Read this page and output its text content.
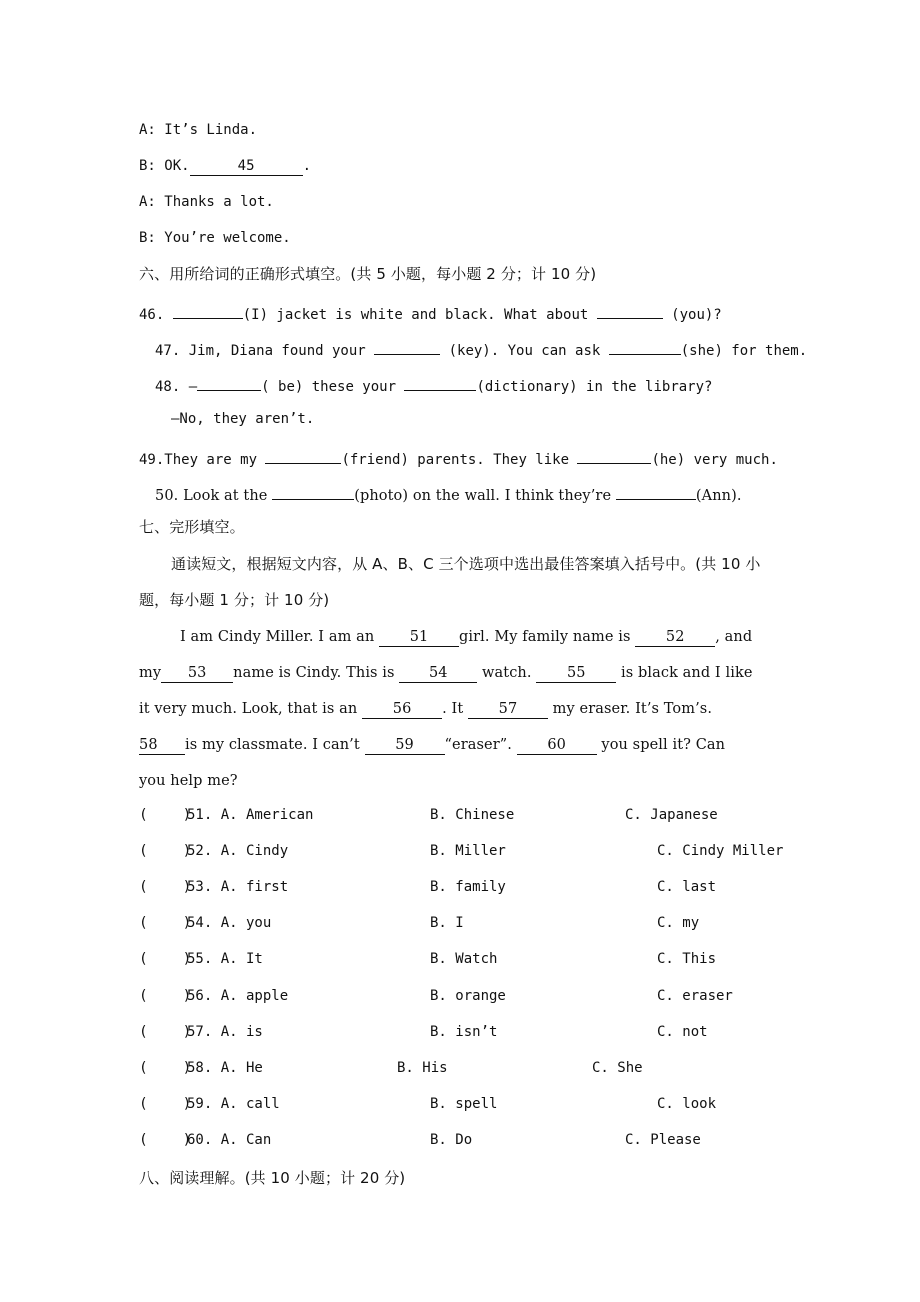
A: It’s Linda.
B: OK.	45	.
A: Thanks a lot.
B: You’re welcome.
六、用所给词的正确形式填空。(共 5 小题，每小题 2 分；计 10 分)
46.	(I) jacket is white and black. What about	(you)?
47. Jim, Diana found your	(key). You can ask	(she) for them.
48. —	( be) these your	(dictionary) in the library?
—No, they aren’t.
49.They are my	(friend) parents. They like	(he) very much.
50. Look at the	(photo) on the wall. I think they’re	(Ann).
七、完形填空。
通读短文，根据短文内容，从 A、B、C 三个选项中选出最佳答案填入括号中。(共 10 小
题，每小题 1 分；计 10 分)
I am Cindy Miller. I am an 51 girl. My family name is 52 , and
my 53 name is Cindy. This is 54 watch. 55 is black and I like
it very much. Look, that is an 56 . It 57 my eraser. It’s Tom’s.
58 is my classmate. I can’t 59 “eraser”. 60 you spell it? Can
you help me?
(    )
51. A. American	B. Chinese	C. Japanese
(    )
52. A. Cindy	B. Miller	C. Cindy Miller
(    )
53. A. first	B. family	C. last
(    )
54. A. you	B. I	C. my
(    )
55. A. It	B. Watch	C. This
(    )
56. A. apple	B. orange	C. eraser
(    )
57. A. is	B. isn’t	C. not
(    )
58. A. He	B. His	C. She
(    )
59. A. call	B. spell	C. look
(    )
60. A. Can	B. Do	C. Please
八、阅读理解。(共 10 小题；计 20 分)
